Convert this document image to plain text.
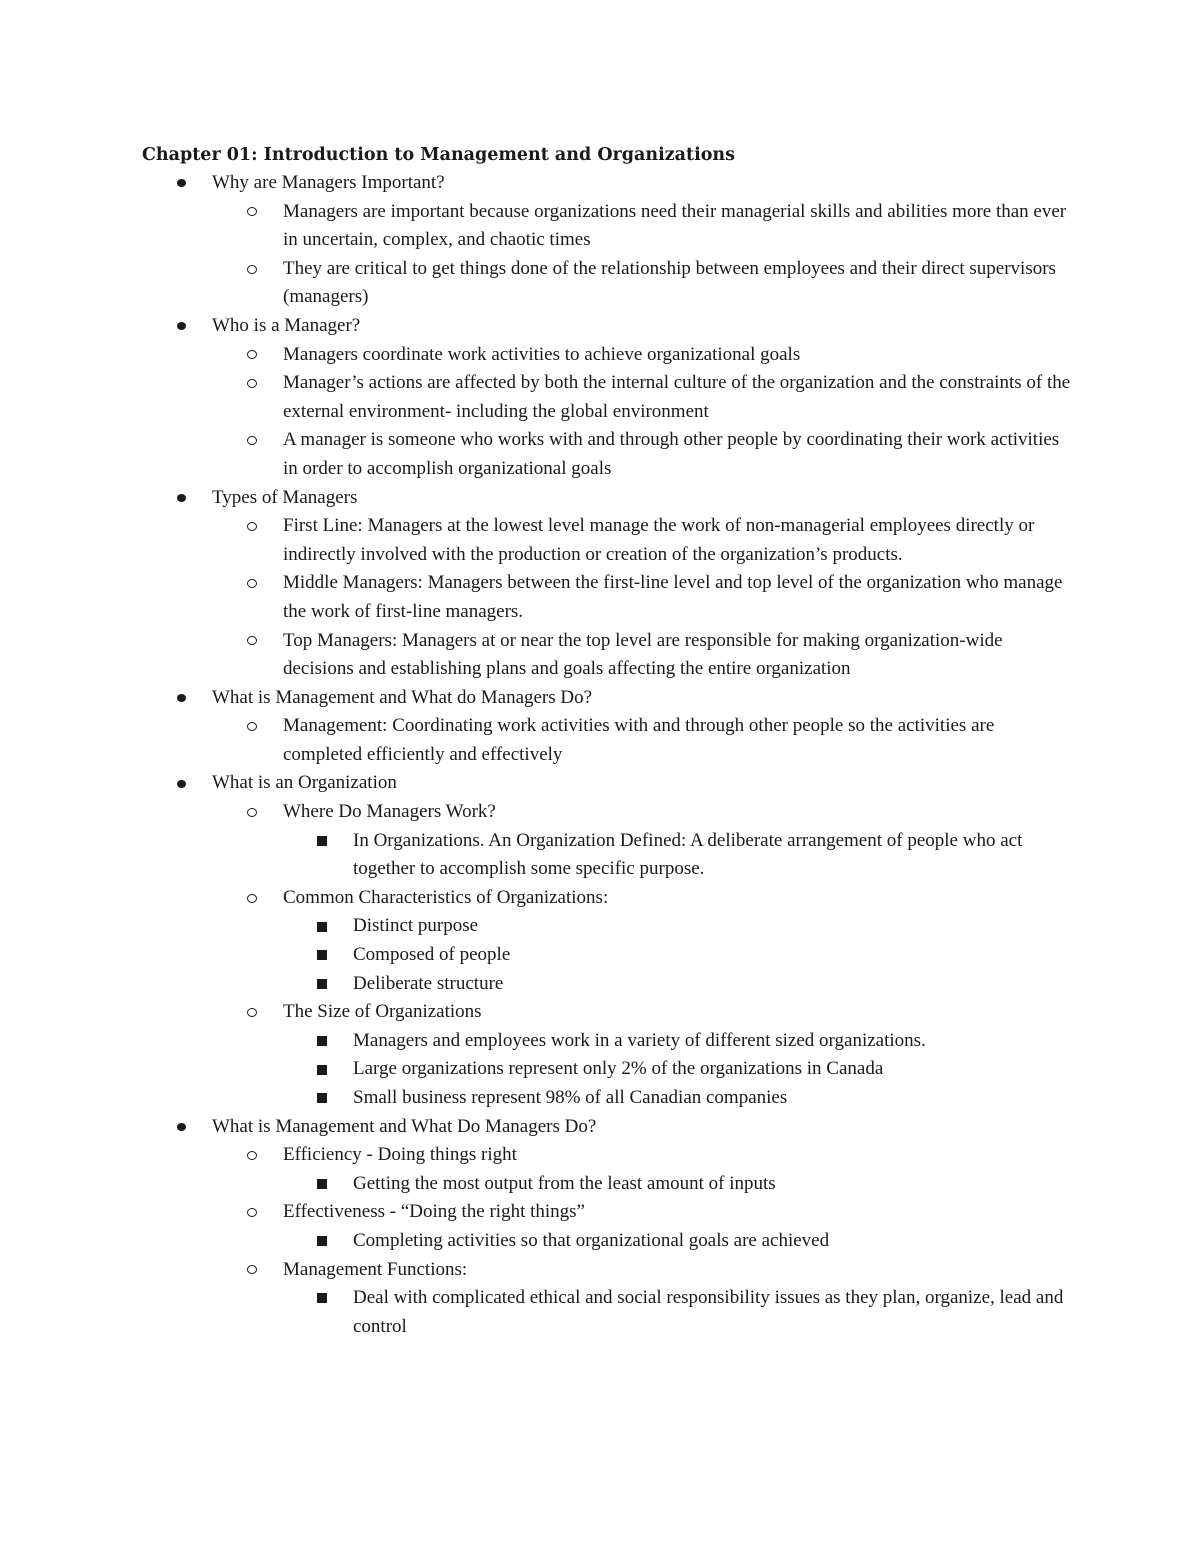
Chapter 01: Introduction to Management and Organizations
Why are Managers Important?
Managers are important because organizations need their managerial skills and abilities more than ever in uncertain, complex, and chaotic times
They are critical to get things done of the relationship between employees and their direct supervisors (managers)
Who is a Manager?
Managers coordinate work activities to achieve organizational goals
Manager’s actions are affected by both the internal culture of the organization and the constraints of the external environment- including the global environment
A manager is someone who works with and through other people by coordinating their work activities in order to accomplish organizational goals
Types of Managers
First Line: Managers at the lowest level manage the work of non-managerial employees directly or indirectly involved with the production or creation of the organization’s products.
Middle Managers: Managers between the first-line level and top level of the organization who manage the work of first-line managers.
Top Managers: Managers at or near the top level are responsible for making organization-wide decisions and establishing plans and goals affecting the entire organization
What is Management and What do Managers Do?
Management: Coordinating work activities with and through other people so the activities are completed efficiently and effectively
What is an Organization
Where Do Managers Work?
In Organizations. An Organization Defined: A deliberate arrangement of people who act together to accomplish some specific purpose.
Common Characteristics of Organizations:
Distinct purpose
Composed of people
Deliberate structure
The Size of Organizations
Managers and employees work in a variety of different sized organizations.
Large organizations represent only 2% of the organizations in Canada
Small business represent 98% of all Canadian companies
What is Management and What Do Managers Do?
Efficiency - Doing things right
Getting the most output from the least amount of inputs
Effectiveness - “Doing the right things”
Completing activities so that organizational goals are achieved
Management Functions:
Deal with complicated ethical and social responsibility issues as they plan, organize, lead and control
